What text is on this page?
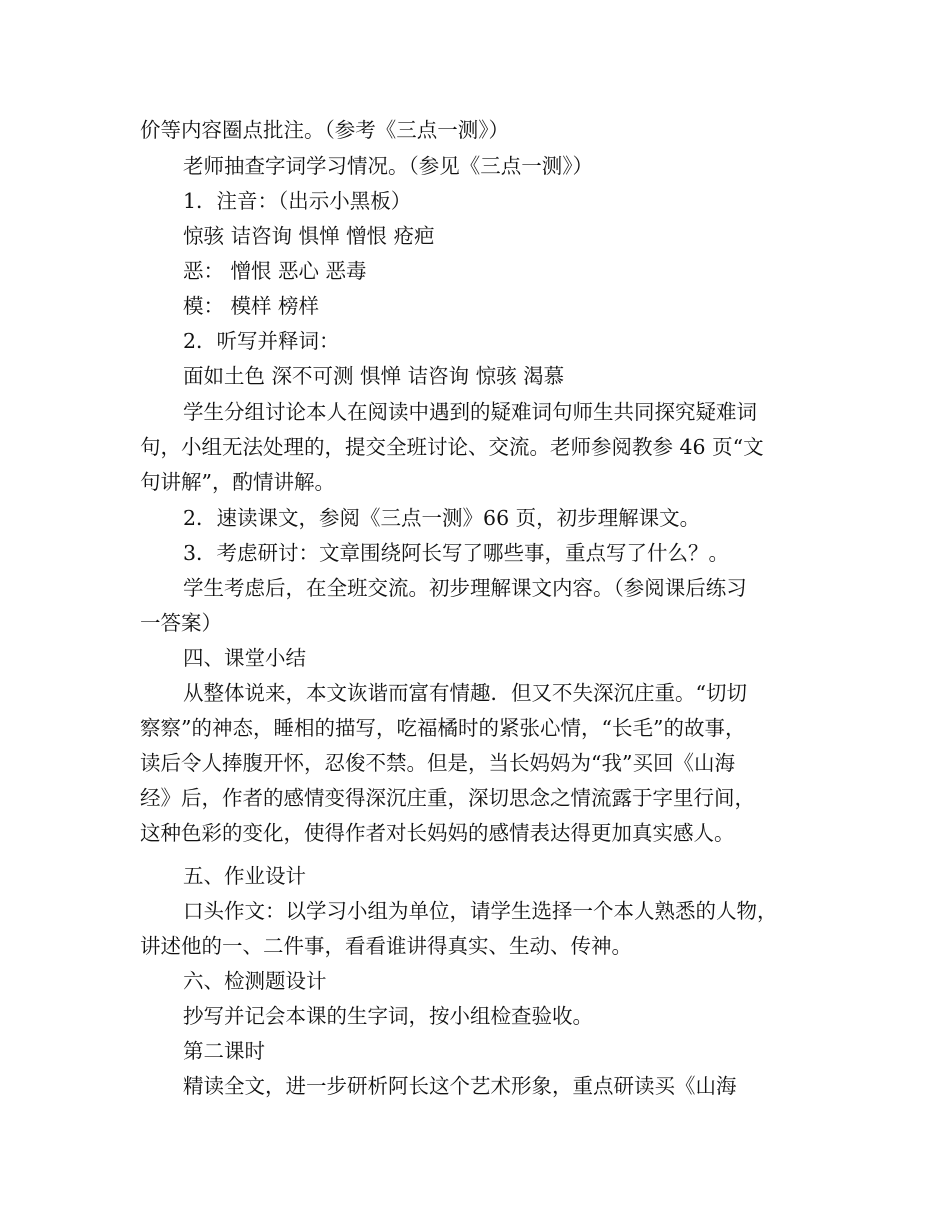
价等内容圈点批注。（参考《三点一测》）
老师抽查字词学习情况。（参见《三点一测》）
1．注音：（出示小黑板）
惊骇 诘咨询 惧惮 憎恨 疮疤
恶： 憎恨 恶心 恶毒
模： 模样 榜样
2．听写并释词：
面如土色 深不可测 惧惮 诘咨询 惊骇 渴慕
学生分组讨论本人在阅读中遇到的疑难词句师生共同探究疑难词
句，小组无法处理的，提交全班讨论、交流。老师参阅教参 46 页“文
句讲解”，酌情讲解。
2．速读课文，参阅《三点一测》66 页，初步理解课文。
3．考虑研讨：文章围绕阿长写了哪些事，重点写了什么？。
学生考虑后，在全班交流。初步理解课文内容。（参阅课后练习
一答案）
四、课堂小结
从整体说来，本文诙谐而富有情趣．但又不失深沉庄重。“切切
察察”的神态，睡相的描写，吃福橘时的紧张心情，“长毛”的故事，
读后令人捧腹开怀，忍俊不禁。但是，当长妈妈为“我”买回《山海
经》后，作者的感情变得深沉庄重，深切思念之情流露于字里行间，
这种色彩的变化，使得作者对长妈妈的感情表达得更加真实感人。
五、作业设计
口头作文：以学习小组为单位，请学生选择一个本人熟悉的人物，
讲述他的一、二件事，看看谁讲得真实、生动、传神。
六、检测题设计
抄写并记会本课的生字词，按小组检查验收。
第二课时
精读全文，进一步研析阿长这个艺术形象，重点研读买《山海
